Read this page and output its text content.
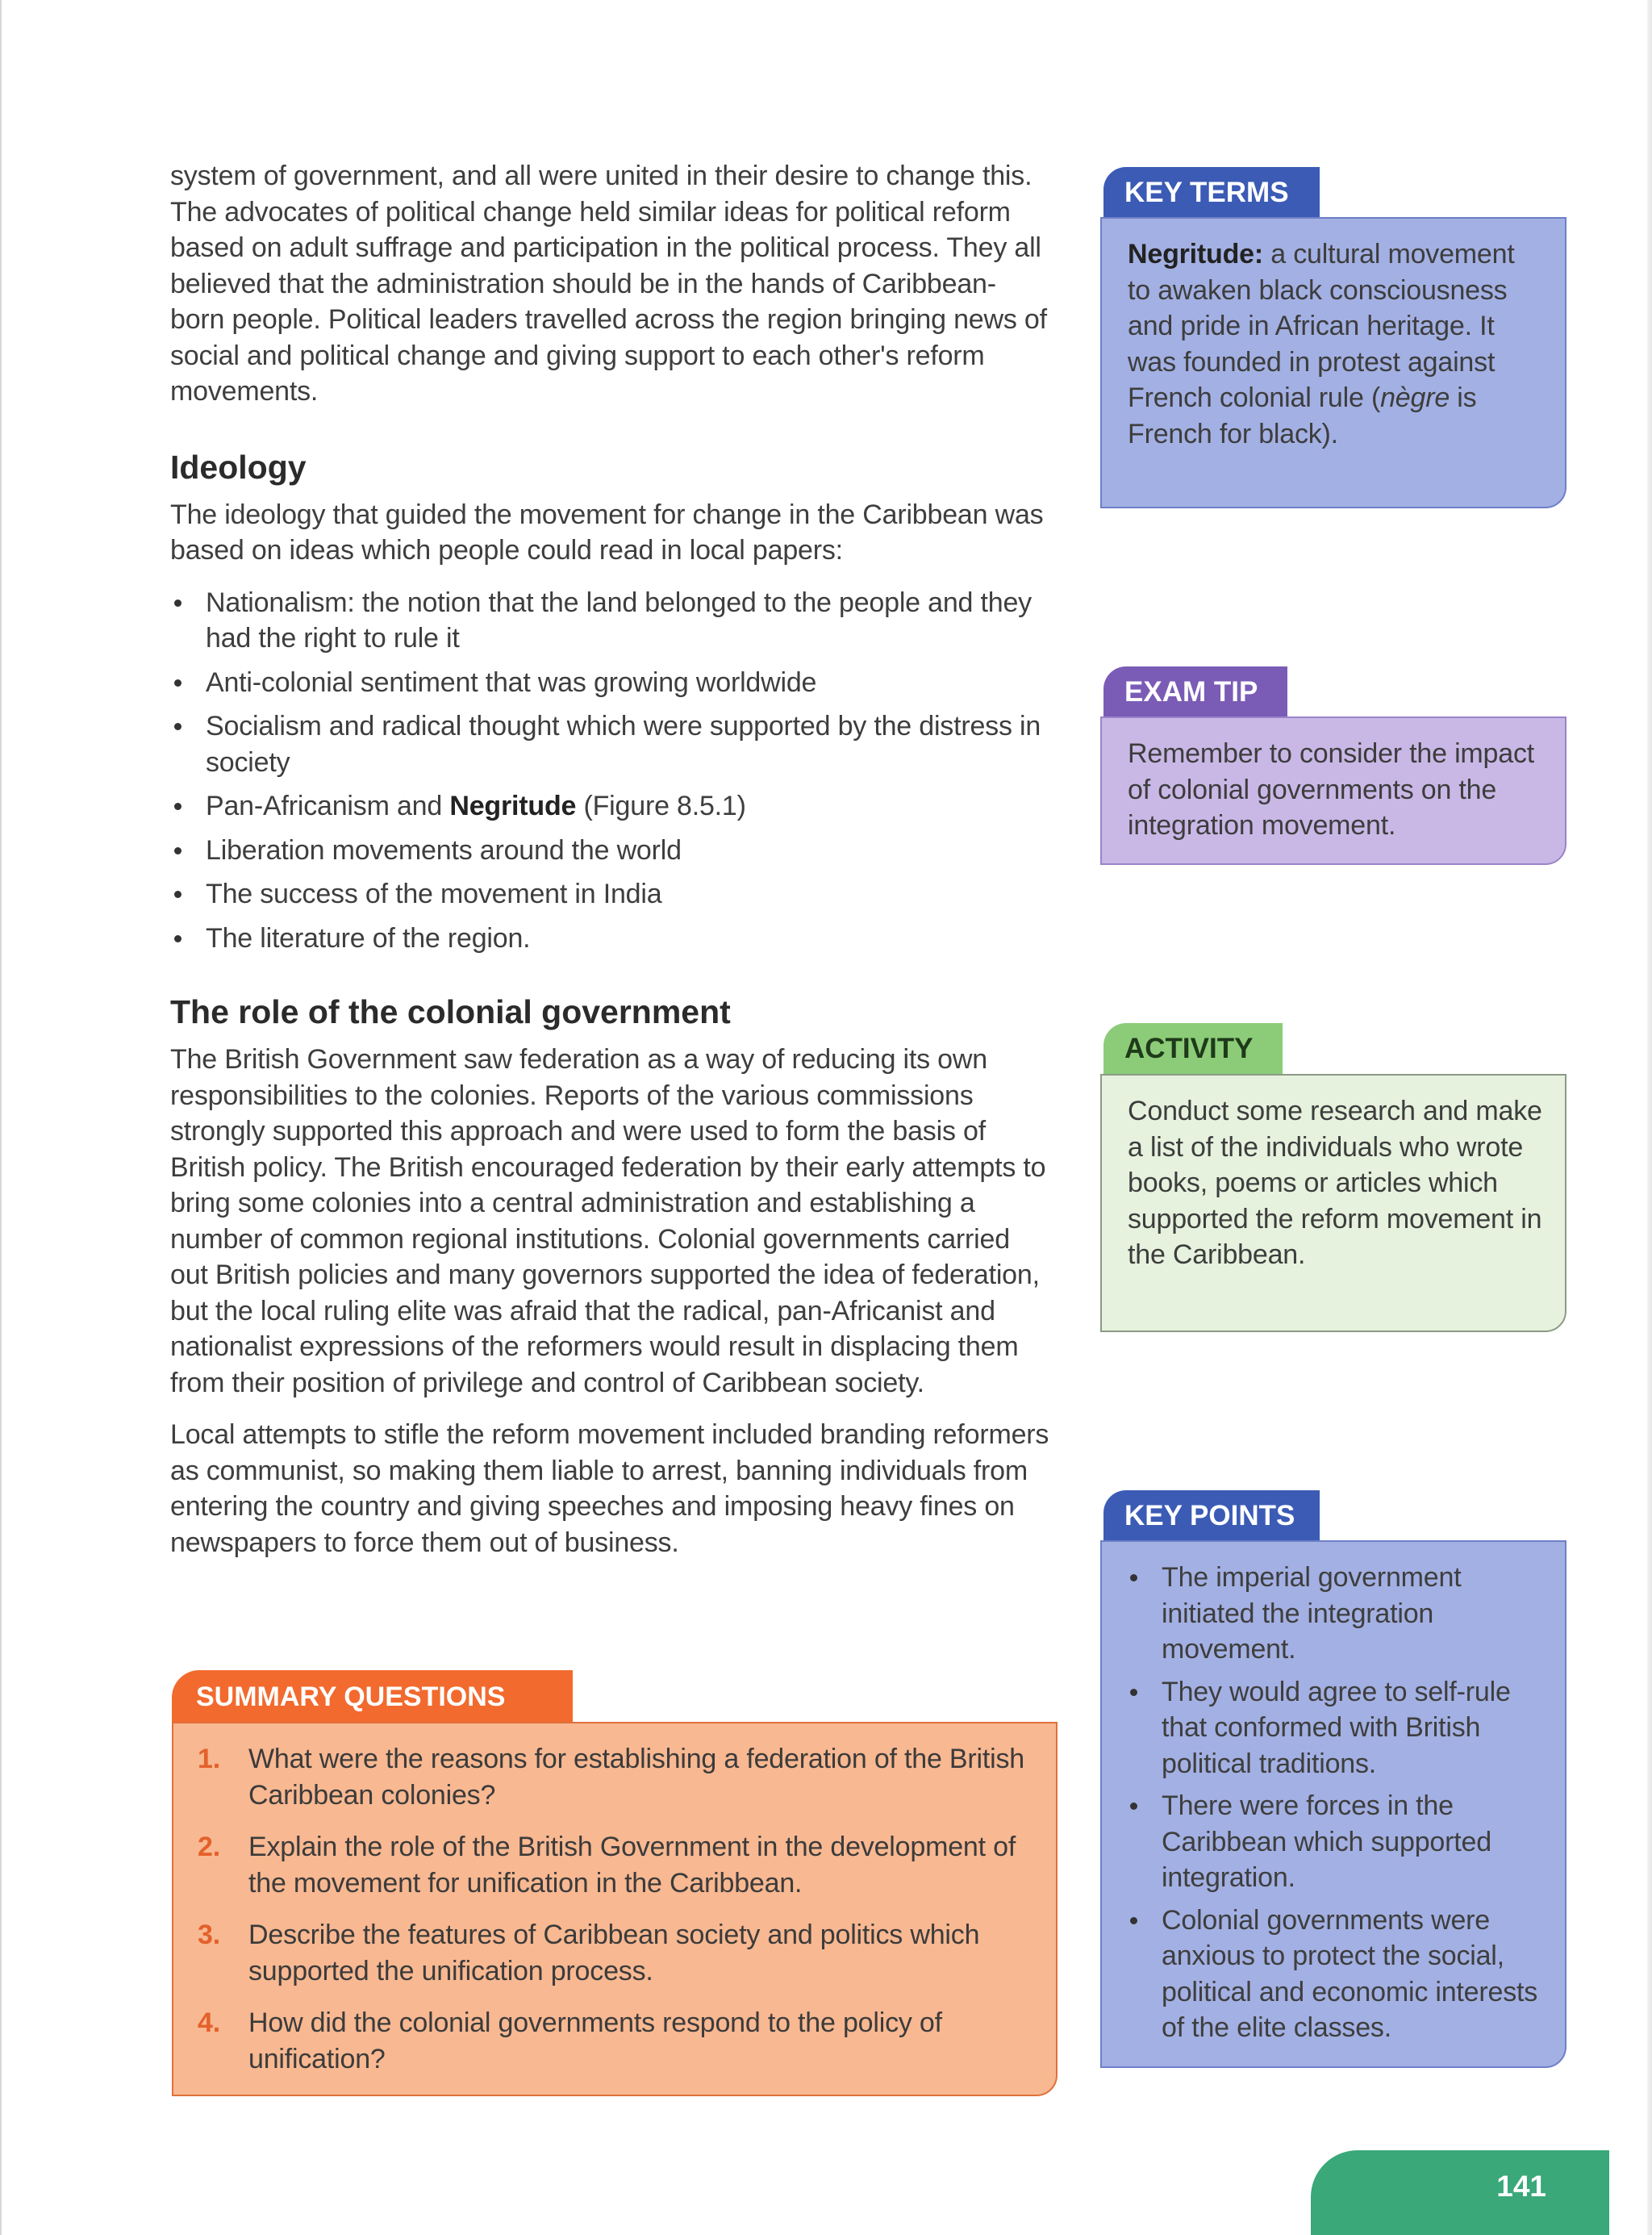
system of government, and all were united in their desire to change this. The advocates of political change held similar ideas for political reform based on adult suffrage and participation in the political process. They all believed that the administration should be in the hands of Caribbean-born people. Political leaders travelled across the region bringing news of social and political change and giving support to each other's reform movements.

Ideology

The ideology that guided the movement for change in the Caribbean was based on ideas which people could read in local papers:

Nationalism: the notion that the land belonged to the people and they had the right to rule it
Anti-colonial sentiment that was growing worldwide
Socialism and radical thought which were supported by the distress in society
Pan-Africanism and Negritude (Figure 8.5.1)
Liberation movements around the world
The success of the movement in India
The literature of the region.
The role of the colonial government

The British Government saw federation as a way of reducing its own responsibilities to the colonies. Reports of the various commissions strongly supported this approach and were used to form the basis of British policy. The British encouraged federation by their early attempts to bring some colonies into a central administration and establishing a number of common regional institutions. Colonial governments carried out British policies and many governors supported the idea of federation, but the local ruling elite was afraid that the radical, pan-Africanist and nationalist expressions of the reformers would result in displacing them from their position of privilege and control of Caribbean society.

Local attempts to stifle the reform movement included branding reformers as communist, so making them liable to arrest, banning individuals from entering the country and giving speeches and imposing heavy fines on newspapers to force them out of business.

SUMMARY QUESTIONS
1.	What were the reasons for establishing a federation of the British Caribbean colonies?
2.	Explain the role of the British Government in the development of the movement for unification in the Caribbean.
3.	Describe the features of Caribbean society and politics which supported the unification process.
4.	How did the colonial governments respond to the policy of unification?
KEY TERMS
Negritude: a cultural movement to awaken black consciousness and pride in African heritage. It was founded in protest against French colonial rule (nègre is French for black).
EXAM TIP
Remember to consider the impact of colonial governments on the integration movement.
ACTIVITY
Conduct some research and make a list of the individuals who wrote books, poems or articles which supported the reform movement in the Caribbean.
KEY POINTS
The imperial government initiated the integration movement.
They would agree to self-rule that conformed with British political traditions.
There were forces in the Caribbean which supported integration.
Colonial governments were anxious to protect the social, political and economic interests of the elite classes.
141
